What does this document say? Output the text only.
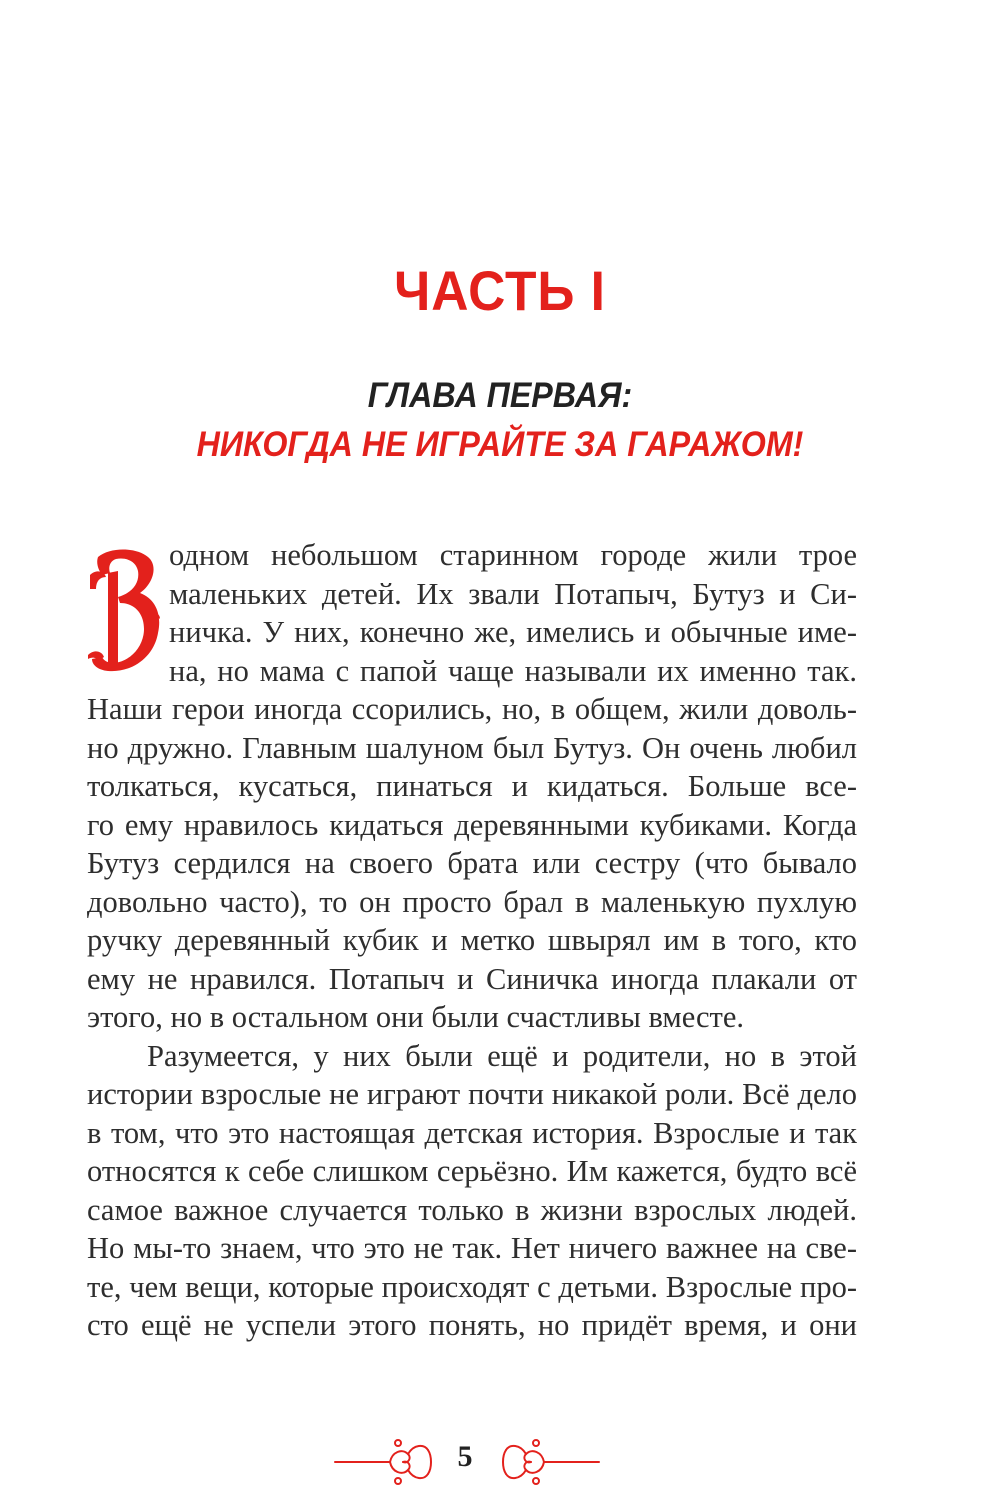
ЧАСТЬ I
ГЛАВА ПЕРВАЯ:
НИКОГДА НЕ ИГРАЙТЕ ЗА ГАРАЖОМ!
В	одном небольшом старинном городе жили трое
маленьких детей. Их звали Потапыч, Бутуз и Си-
ничка. У них, конечно же, имелись и обычные име-
на, но мама с папой чаще называли их именно так.
Наши герои иногда ссорились, но, в общем, жили доволь-
но дружно. Главным шалуном был Бутуз. Он очень любил
толкаться, кусаться, пинаться и кидаться. Больше все-
го ему нравилось кидаться деревянными кубиками. Когда
Бутуз сердился на своего брата или сестру (что бывало
довольно часто), то он просто брал в маленькую пухлую
ручку деревянный кубик и метко швырял им в того, кто
ему не нравился. Потапыч и Синичка иногда плакали от
этого, но в остальном они были счастливы вместе.
Разумеется, у них были ещё и родители, но в этой
истории взрослые не играют почти никакой роли. Всё дело
в том, что это настоящая детская история. Взрослые и так
относятся к себе слишком серьёзно. Им кажется, будто всё
самое важное случается только в жизни взрослых людей.
Но мы-то знаем, что это не так. Нет ничего важнее на све-
те, чем вещи, которые происходят с детьми. Взрослые про-
сто ещё не успели этого понять, но придёт время, и они
5
